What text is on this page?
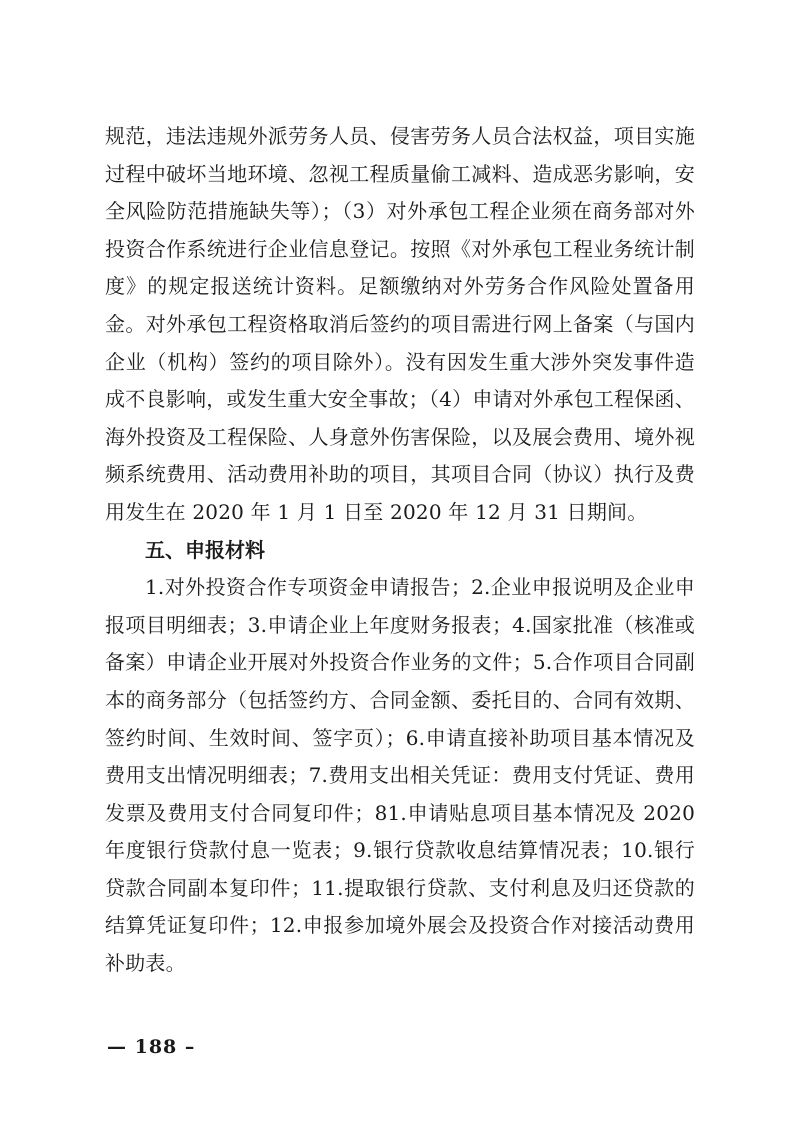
规范，违法违规外派劳务人员、侵害劳务人员合法权益，项目实施过程中破坏当地环境、忽视工程质量偷工减料、造成恶劣影响，安全风险防范措施缺失等）；（3）对外承包工程企业须在商务部对外投资合作系统进行企业信息登记。按照《对外承包工程业务统计制度》的规定报送统计资料。足额缴纳对外劳务合作风险处置备用金。对外承包工程资格取消后签约的项目需进行网上备案（与国内企业（机构）签约的项目除外）。没有因发生重大涉外突发事件造成不良影响，或发生重大安全事故；（4）申请对外承包工程保函、海外投资及工程保险、人身意外伤害保险，以及展会费用、境外视频系统费用、活动费用补助的项目，其项目合同（协议）执行及费用发生在 2020 年 1 月 1 日至 2020 年 12 月 31 日期间。

五、申报材料

1.对外投资合作专项资金申请报告；2.企业申报说明及企业申报项目明细表；3.申请企业上年度财务报表；4.国家批准（核准或备案）申请企业开展对外投资合作业务的文件；5.合作项目合同副本的商务部分（包括签约方、合同金额、委托目的、合同有效期、签约时间、生效时间、签字页）；6.申请直接补助项目基本情况及费用支出情况明细表；7.费用支出相关凭证：费用支付凭证、费用发票及费用支付合同复印件；81.申请贴息项目基本情况及 2020 年度银行贷款付息一览表；9.银行贷款收息结算情况表；10.银行贷款合同副本复印件；11.提取银行贷款、支付利息及归还贷款的结算凭证复印件；12.申报参加境外展会及投资合作对接活动费用补助表。

— 188 –
